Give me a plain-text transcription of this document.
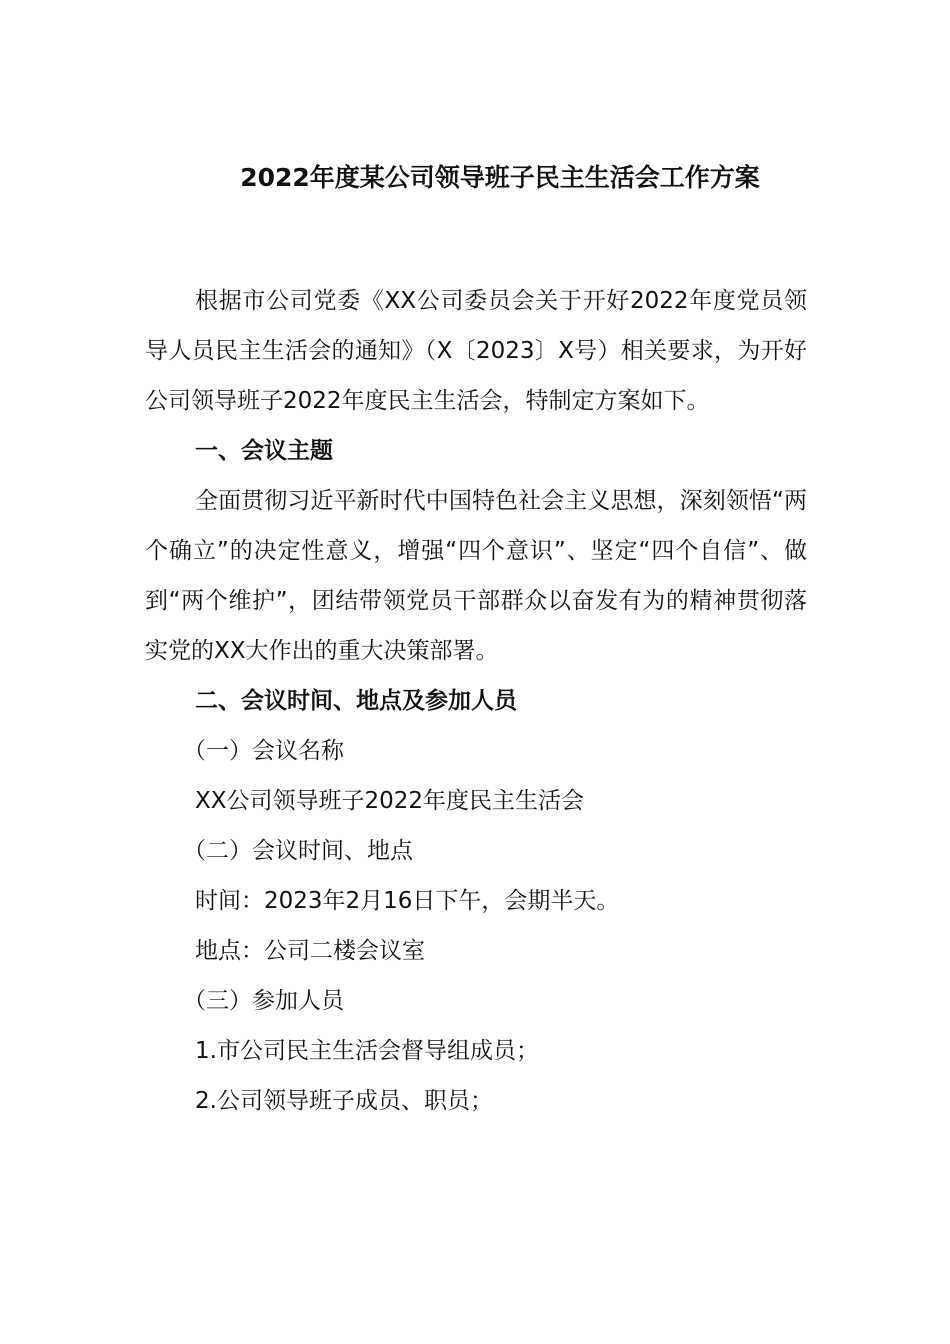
2022年度某公司领导班子民主生活会工作方案

根据市公司党委《XX公司委员会关于开好2022年度党员领导人员民主生活会的通知》（X〔2023〕X号）相关要求，为开好公司领导班子2022年度民主生活会，特制定方案如下。

一、会议主题

全面贯彻习近平新时代中国特色社会主义思想，深刻领悟“两个确立”的决定性意义，增强“四个意识”、坚定“四个自信”、做到“两个维护”，团结带领党员干部群众以奋发有为的精神贯彻落实党的XX大作出的重大决策部署。

二、会议时间、地点及参加人员

（一）会议名称

XX公司领导班子2022年度民主生活会

（二）会议时间、地点

时间：2023年2月16日下午，会期半天。

地点：公司二楼会议室

（三）参加人员

1.市公司民主生活会督导组成员；

2.公司领导班子成员、职员；
